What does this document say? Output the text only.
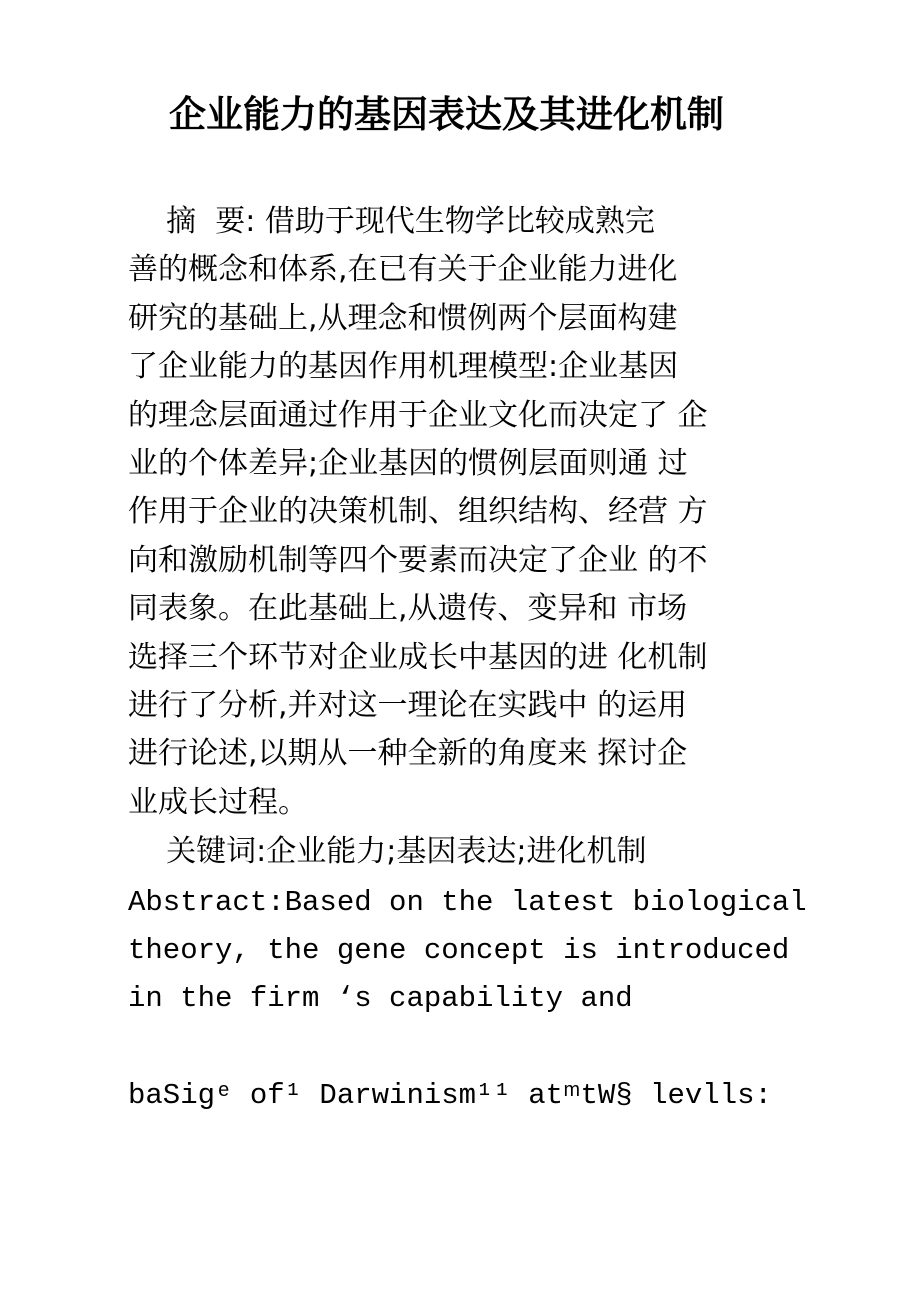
企业能力的基因表达及其进化机制
摘  要: 借助于现代生物学比较成熟完
善的概念和体系,在已有关于企业能力进化
研究的基础上,从理念和惯例两个层面构建
了企业能力的基因作用机理模型:企业基因
的理念层面通过作用于企业文化而决定了 企
业的个体差异;企业基因的惯例层面则通 过
作用于企业的决策机制、组织结构、经营 方
向和激励机制等四个要素而决定了企业 的不
同表象。在此基础上,从遗传、变异和 市场
选择三个环节对企业成长中基因的进 化机制
进行了分析,并对这一理论在实践中 的运用
进行论述,以期从一种全新的角度来 探讨企
业成长过程。
关键词:企业能力;基因表达;进化机制
Abstract:Based on the latest biological
theory, the gene concept is introduced
in the firm ‘s capability and
baSigᵉ of¹ Darwinism¹¹ atᵐtW§ levlls:
